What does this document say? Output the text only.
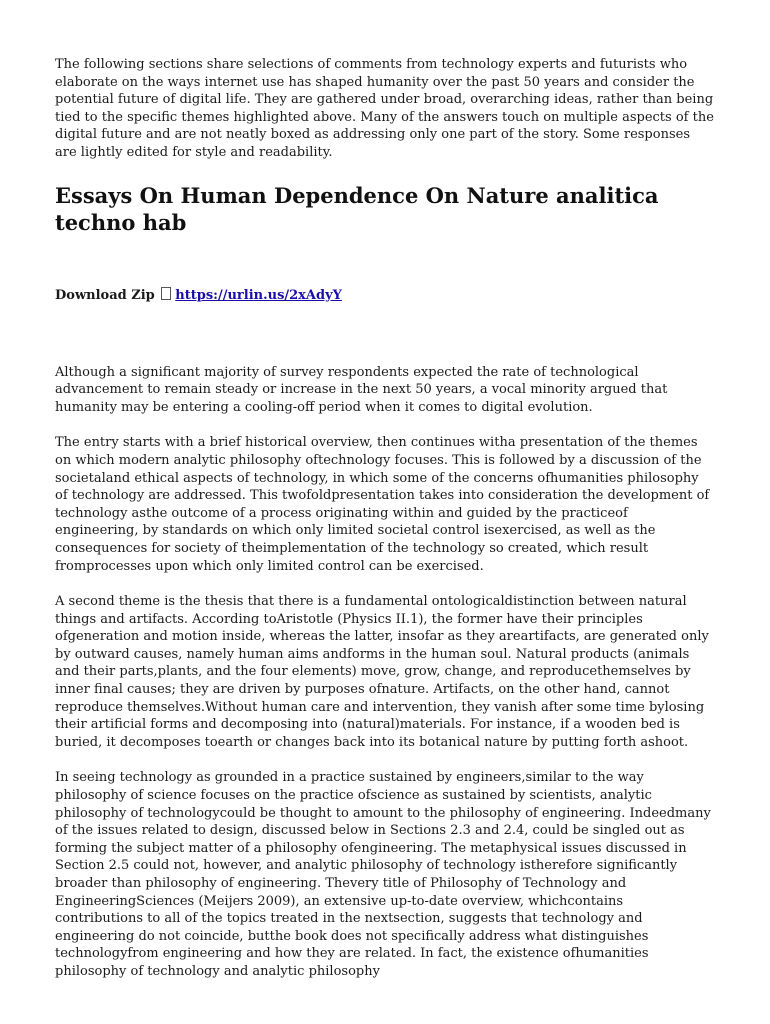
The following sections share selections of comments from technology experts and futurists who elaborate on the ways internet use has shaped humanity over the past 50 years and consider the potential future of digital life. They are gathered under broad, overarching ideas, rather than being tied to the specific themes highlighted above. Many of the answers touch on multiple aspects of the digital future and are not neatly boxed as addressing only one part of the story. Some responses are lightly edited for style and readability.

Essays On Human Dependence On Nature analitica techno hab
Download Zip https://urlin.us/2xAdyY

Although a significant majority of survey respondents expected the rate of technological advancement to remain steady or increase in the next 50 years, a vocal minority argued that humanity may be entering a cooling-off period when it comes to digital evolution.

The entry starts with a brief historical overview, then continues witha presentation of the themes on which modern analytic philosophy oftechnology focuses. This is followed by a discussion of the societaland ethical aspects of technology, in which some of the concerns ofhumanities philosophy of technology are addressed. This twofoldpresentation takes into consideration the development of technology asthe outcome of a process originating within and guided by the practiceof engineering, by standards on which only limited societal control isexercised, as well as the consequences for society of theimplementation of the technology so created, which result fromprocesses upon which only limited control can be exercised.

A second theme is the thesis that there is a fundamental ontologicaldistinction between natural things and artifacts. According toAristotle (Physics II.1), the former have their principles ofgeneration and motion inside, whereas the latter, insofar as they areartifacts, are generated only by outward causes, namely human aims andforms in the human soul. Natural products (animals and their parts,plants, and the four elements) move, grow, change, and reproducethemselves by inner final causes; they are driven by purposes ofnature. Artifacts, on the other hand, cannot reproduce themselves.Without human care and intervention, they vanish after some time bylosing their artificial forms and decomposing into (natural)materials. For instance, if a wooden bed is buried, it decomposes toearth or changes back into its botanical nature by putting forth ashoot.

In seeing technology as grounded in a practice sustained by engineers,similar to the way philosophy of science focuses on the practice ofscience as sustained by scientists, analytic philosophy of technologycould be thought to amount to the philosophy of engineering. Indeedmany of the issues related to design, discussed below in Sections 2.3 and 2.4, could be singled out as forming the subject matter of a philosophy ofengineering. The metaphysical issues discussed in Section 2.5 could not, however, and analytic philosophy of technology istherefore significantly broader than philosophy of engineering. Thevery title of Philosophy of Technology and EngineeringSciences (Meijers 2009), an extensive up-to-date overview, whichcontains contributions to all of the topics treated in the nextsection, suggests that technology and engineering do not coincide, butthe book does not specifically address what distinguishes technologyfrom engineering and how they are related. In fact, the existence ofhumanities philosophy of technology and analytic philosophy
